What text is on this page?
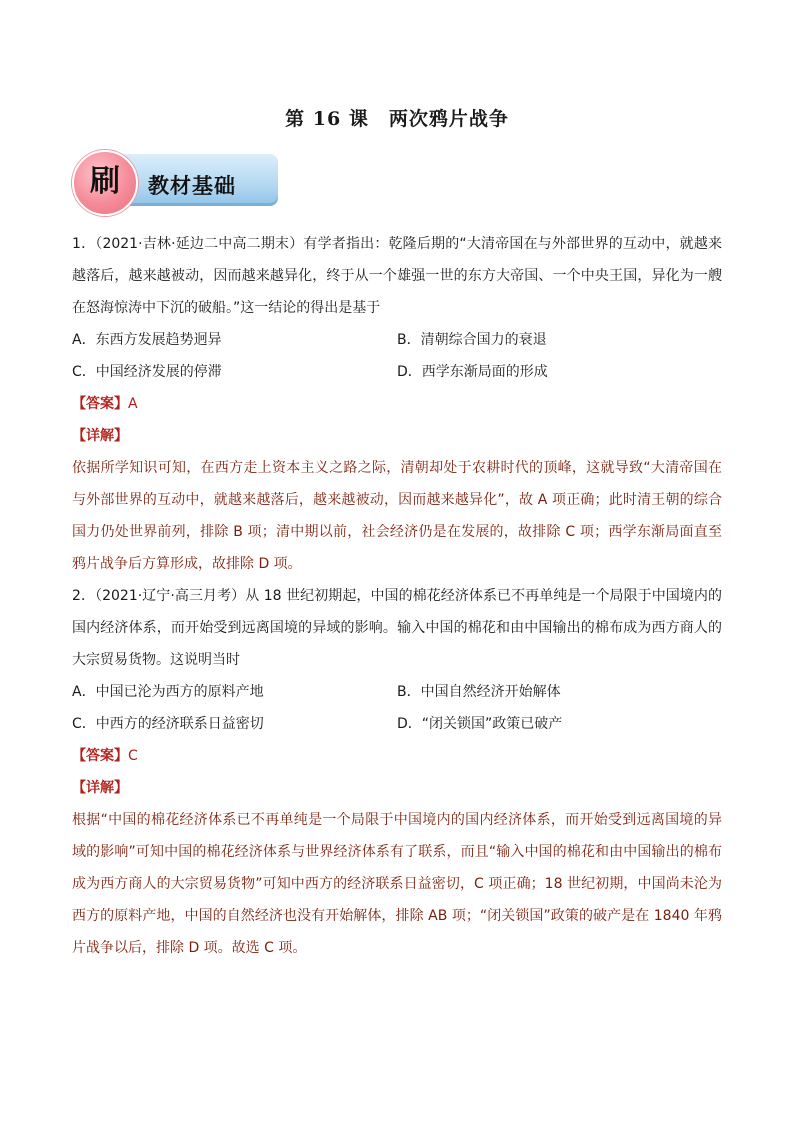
第 16 课　两次鸦片战争
刷	教材基础
1．（2021·吉林·延边二中高二期末）有学者指出：乾隆后期的“大清帝国在与外部世界的互动中，就越来越落后，越来越被动，因而越来越异化，终于从一个雄强一世的东方大帝国、一个中央王国，异化为一艘在怒海惊涛中下沉的破船。”这一结论的得出是基于
A．东西方发展趋势迥异	B．清朝综合国力的衰退
C．中国经济发展的停滞	D．西学东渐局面的形成
【答案】A
【详解】
依据所学知识可知，在西方走上资本主义之路之际，清朝却处于农耕时代的顶峰，这就导致“大清帝国在与外部世界的互动中，就越来越落后，越来越被动，因而越来越异化”，故 A 项正确；此时清王朝的综合国力仍处世界前列，排除 B 项；清中期以前，社会经济仍是在发展的，故排除 C 项；西学东渐局面直至鸦片战争后方算形成，故排除 D 项。
2．（2021·辽宁·高三月考）从 18 世纪初期起，中国的棉花经济体系已不再单纯是一个局限于中国境内的国内经济体系，而开始受到远离国境的异域的影响。输入中国的棉花和由中国输出的棉布成为西方商人的大宗贸易货物。这说明当时
A．中国已沦为西方的原料产地	B．中国自然经济开始解体
C．中西方的经济联系日益密切	D．“闭关锁国”政策已破产
【答案】C
【详解】
根据“中国的棉花经济体系已不再单纯是一个局限于中国境内的国内经济体系，而开始受到远离国境的异域的影响”可知中国的棉花经济体系与世界经济体系有了联系，而且“输入中国的棉花和由中国输出的棉布成为西方商人的大宗贸易货物”可知中西方的经济联系日益密切，C 项正确；18 世纪初期，中国尚未沦为西方的原料产地，中国的自然经济也没有开始解体，排除 AB 项；“闭关锁国”政策的破产是在 1840 年鸦片战争以后，排除 D 项。故选 C 项。
